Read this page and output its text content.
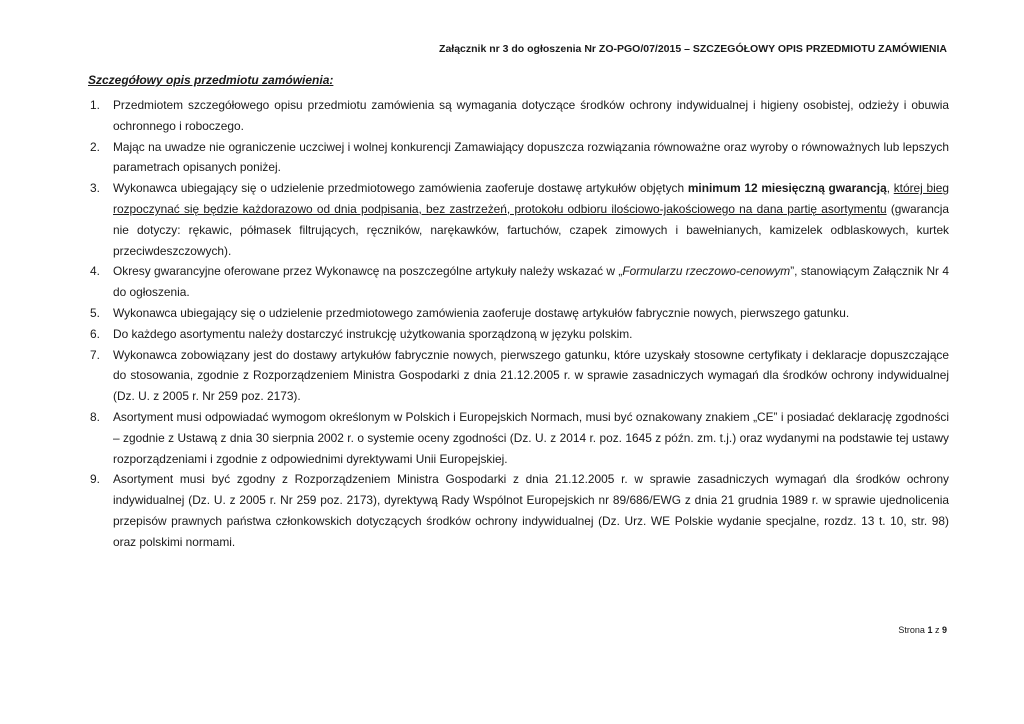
Załącznik nr 3 do ogłoszenia Nr ZO-PGO/07/2015 – SZCZEGÓŁOWY OPIS PRZEDMIOTU ZAMÓWIENIA
Szczegółowy opis przedmiotu zamówienia:
1. Przedmiotem szczegółowego opisu przedmiotu zamówienia są wymagania dotyczące środków ochrony indywidualnej i higieny osobistej, odzieży i obuwia ochronnego i roboczego.
2. Mając na uwadze nie ograniczenie uczciwej i wolnej konkurencji Zamawiający dopuszcza rozwiązania równoważne oraz wyroby o równoważnych lub lepszych parametrach opisanych poniżej.
3. Wykonawca ubiegający się o udzielenie przedmiotowego zamówienia zaoferuje dostawę artykułów objętych minimum 12 miesięczną gwarancją, której bieg rozpoczynać się będzie każdorazowo od dnia podpisania, bez zastrzeżeń, protokołu odbioru ilościowo-jakościowego na dana partię asortymentu (gwarancja nie dotyczy: rękawic, półmasek filtrujących, ręczników, narękawków, fartuchów, czapek zimowych i bawełnianych, kamizelek odblaskowych, kurtek przeciwdeszczowych).
4. Okresy gwarancyjne oferowane przez Wykonawcę na poszczególne artykuły należy wskazać w „Formularzu rzeczowo-cenowym”, stanowiącym Załącznik Nr 4 do ogłoszenia.
5. Wykonawca ubiegający się o udzielenie przedmiotowego zamówienia zaoferuje dostawę artykułów fabrycznie nowych, pierwszego gatunku.
6. Do każdego asortymentu należy dostarczyć instrukcję użytkowania sporządzoną w języku polskim.
7. Wykonawca zobowiązany jest do dostawy artykułów fabrycznie nowych, pierwszego gatunku, które uzyskały stosowne certyfikaty i deklaracje dopuszczające do stosowania, zgodnie z Rozporządzeniem Ministra Gospodarki z dnia 21.12.2005 r. w sprawie zasadniczych wymagań dla środków ochrony indywidualnej (Dz. U. z 2005 r. Nr 259 poz. 2173).
8. Asortyment musi odpowiadać wymogom określonym w Polskich i Europejskich Normach, musi być oznakowany znakiem „CE” i posiadać deklarację zgodności – zgodnie z Ustawą z dnia 30 sierpnia 2002 r. o systemie oceny zgodności (Dz. U. z 2014 r. poz. 1645 z późn. zm. t.j.) oraz wydanymi na podstawie tej ustawy rozporządzeniami i zgodnie z odpowiednimi dyrektywami Unii Europejskiej.
9. Asortyment musi być zgodny z Rozporządzeniem Ministra Gospodarki z dnia 21.12.2005 r. w sprawie zasadniczych wymagań dla środków ochrony indywidualnej (Dz. U. z 2005 r. Nr 259 poz. 2173), dyrektywą Rady Wspólnot Europejskich nr 89/686/EWG z dnia 21 grudnia 1989 r. w sprawie ujednolicenia przepisów prawnych państwa członkowskich dotyczących środków ochrony indywidualnej (Dz. Urz. WE Polskie wydanie specjalne, rozdz. 13 t. 10, str. 98) oraz polskimi normami.
Strona 1 z 9
